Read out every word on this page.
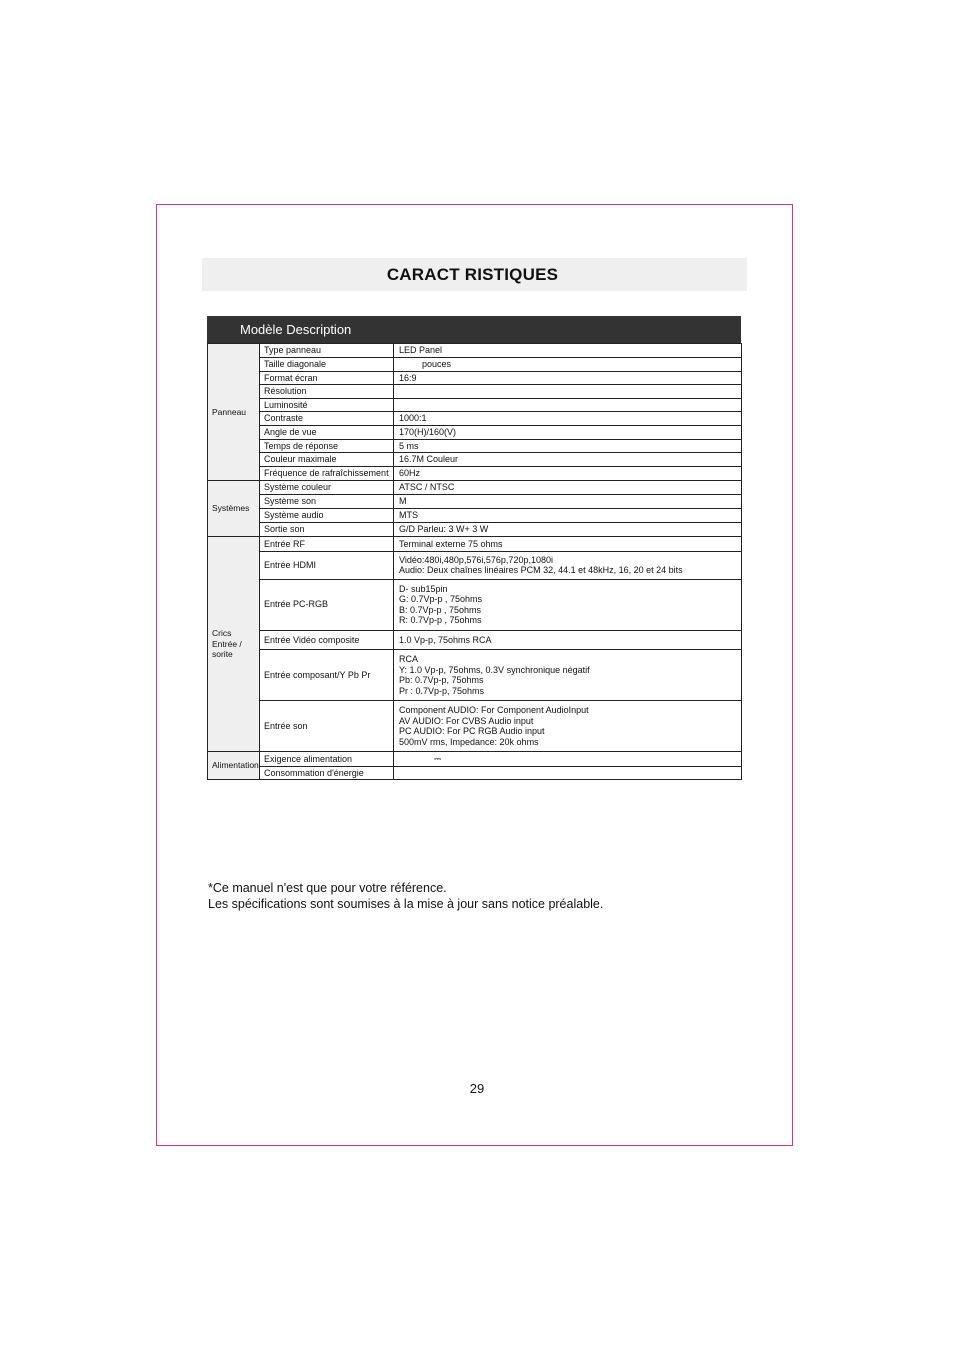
CARACT RISTIQUES
Modèle Description
Panneau	Type panneau	LED Panel

	Taille diagonale	pouces

	Format écran	16:9

	Résolution	

	Luminosité	

	Contraste	1000:1

	Angle de vue	170(H)/160(V)

	Temps de réponse	5 ms

	Couleur maximale	16.7M Couleur

	Fréquence de rafraîchissement	60Hz

Systèmes	Système couleur	ATSC / NTSC

	Système son	M

	Système audio	MTS

	Sortie son	G/D Parleu: 3 W+ 3 W

Crics
Entrée /
sorite	Entrée RF	Terminal externe 75 ohms

	Entrée HDMI	Vidéo:480i,480p,576i,576p,720p,1080i
Audio: Deux chaînes linéaires PCM 32, 44.1 et 48kHz, 16, 20 et 24 bits

	Entrée PC-RGB	D- sub15pin
G: 0.7Vp-p , 75ohms
B: 0.7Vp-p , 75ohms
R: 0.7Vp-p , 75ohms

	Entrée Vidéo composite	1.0 Vp-p, 75ohms RCA

	Entrée composant/Y Pb Pr	RCA
Y: 1.0 Vp-p, 75ohms, 0.3V synchronique négatif
Pb: 0.7Vp-p, 75ohms
Pr : 0.7Vp-p, 75ohms

	Entrée son	Component AUDIO: For Component AudioInput
AV AUDIO: For CVBS Audio input
PC AUDIO: For PC RGB Audio input
500mV rms, Impedance: 20k ohms

Alimentation	Exigence alimentation	⎓

	Consommation d'énergie	
*Ce manuel n'est que pour votre référence.
Les spécifications sont soumises à la mise à jour sans notice préalable.
29
